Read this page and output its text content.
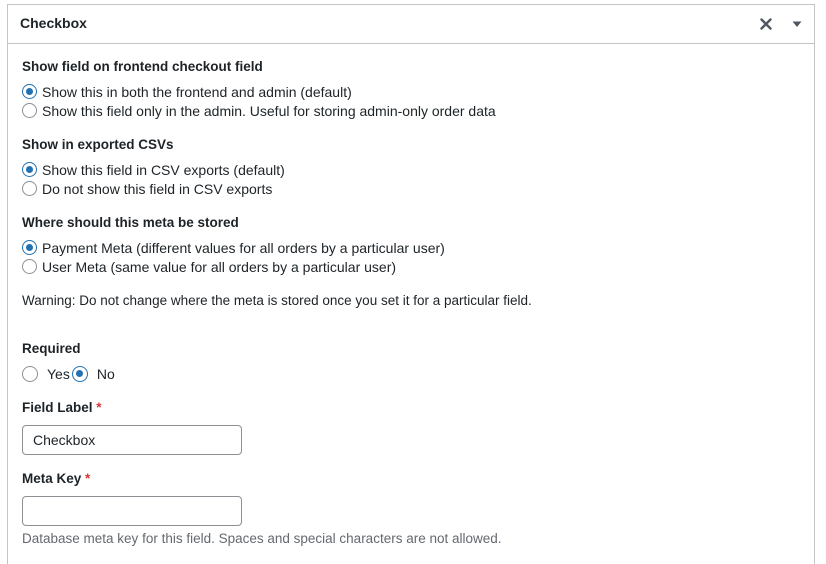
Checkbox
Show field on frontend checkout field
Show this in both the frontend and admin (default)
Show this field only in the admin. Useful for storing admin-only order data
Show in exported CSVs
Show this field in CSV exports (default)
Do not show this field in CSV exports
Where should this meta be stored
Payment Meta (different values for all orders by a particular user)
User Meta (same value for all orders by a particular user)
Warning: Do not change where the meta is stored once you set it for a particular field.
Required
Yes No
Field Label *
Checkbox
Meta Key *
Database meta key for this field. Spaces and special characters are not allowed.
